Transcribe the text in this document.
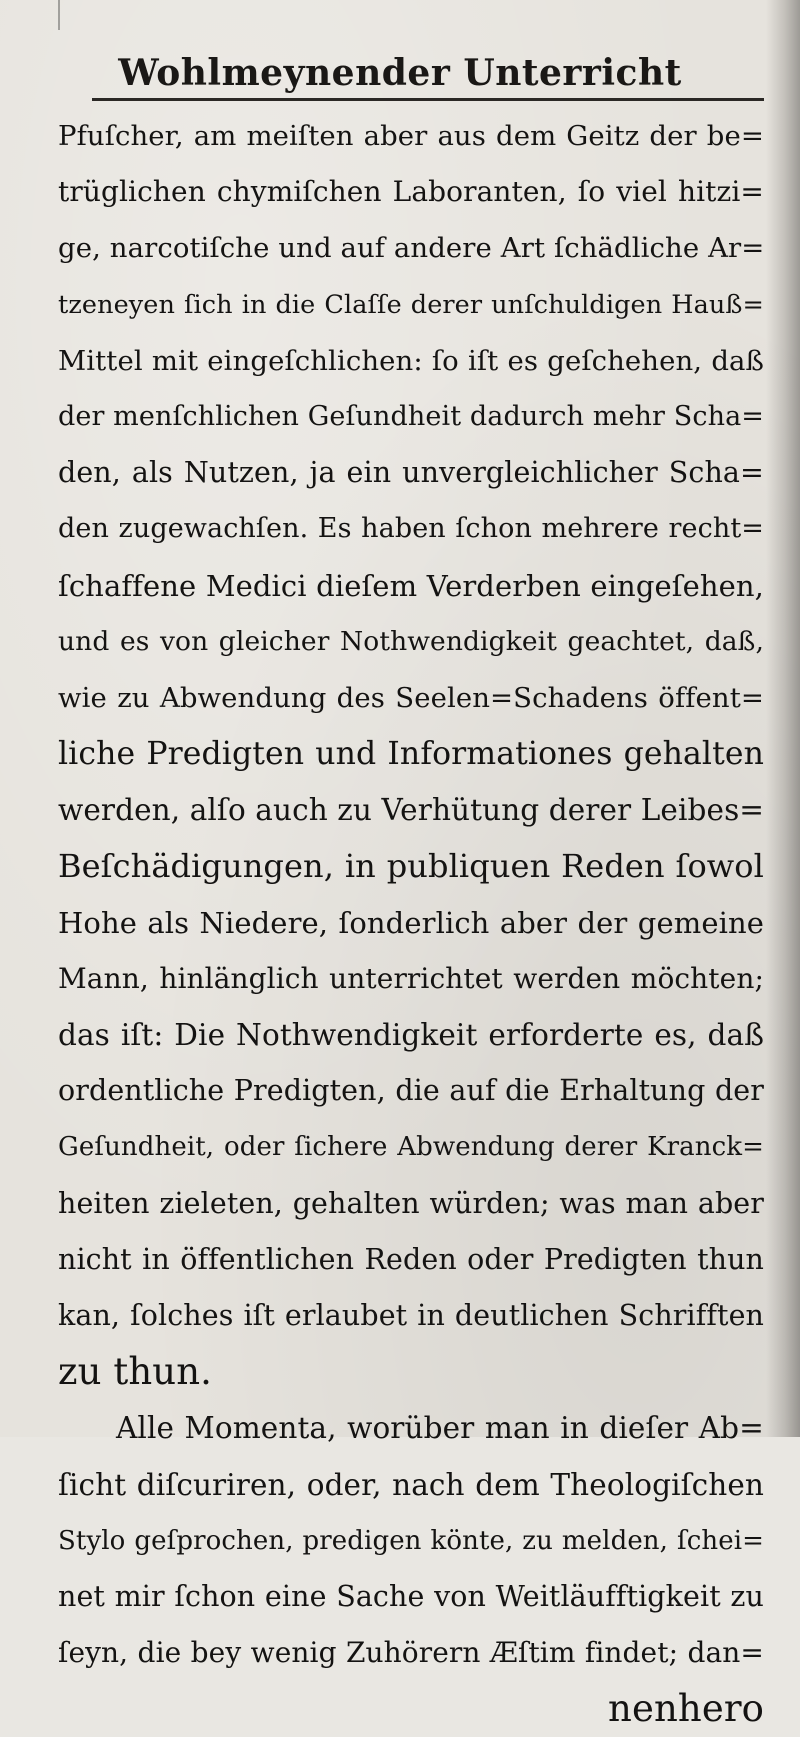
Wohlmeynender Unterricht
Pfuſcher, am meiſten aber aus dem Geitz der be=
trüglichen chymiſchen Laboranten, ſo viel hitzi=
ge, narcotiſche und auf andere Art ſchädliche Ar=
tzeneyen ſich in die Claſſe derer unſchuldigen Hauß=
Mittel mit eingeſchlichen: ſo iſt es geſchehen, daß
der menſchlichen Geſundheit dadurch mehr Scha=
den, als Nutzen, ja ein unvergleichlicher Scha=
den zugewachſen. Es haben ſchon mehrere recht=
ſchaffene Medici dieſem Verderben eingeſehen,
und es von gleicher Nothwendigkeit geachtet, daß,
wie zu Abwendung des Seelen=Schadens öffent=
liche Predigten und Informationes gehalten
werden, alſo auch zu Verhütung derer Leibes=
Beſchädigungen, in publiquen Reden ſowol
Hohe als Niedere, ſonderlich aber der gemeine
Mann, hinlänglich unterrichtet werden möchten;
das iſt: Die Nothwendigkeit erforderte es, daß
ordentliche Predigten, die auf die Erhaltung der
Geſundheit, oder ſichere Abwendung derer Kranck=
heiten zieleten, gehalten würden; was man aber
nicht in öffentlichen Reden oder Predigten thun
kan, ſolches iſt erlaubet in deutlichen Schrifften
zu thun.
Alle Momenta, worüber man in dieſer Ab=
ſicht diſcuriren, oder, nach dem Theologiſchen
Stylo geſprochen, predigen könte, zu melden, ſchei=
net mir ſchon eine Sache von Weitläufftigkeit zu
ſeyn, die bey wenig Zuhörern Æſtim findet; dan=
nenhero
